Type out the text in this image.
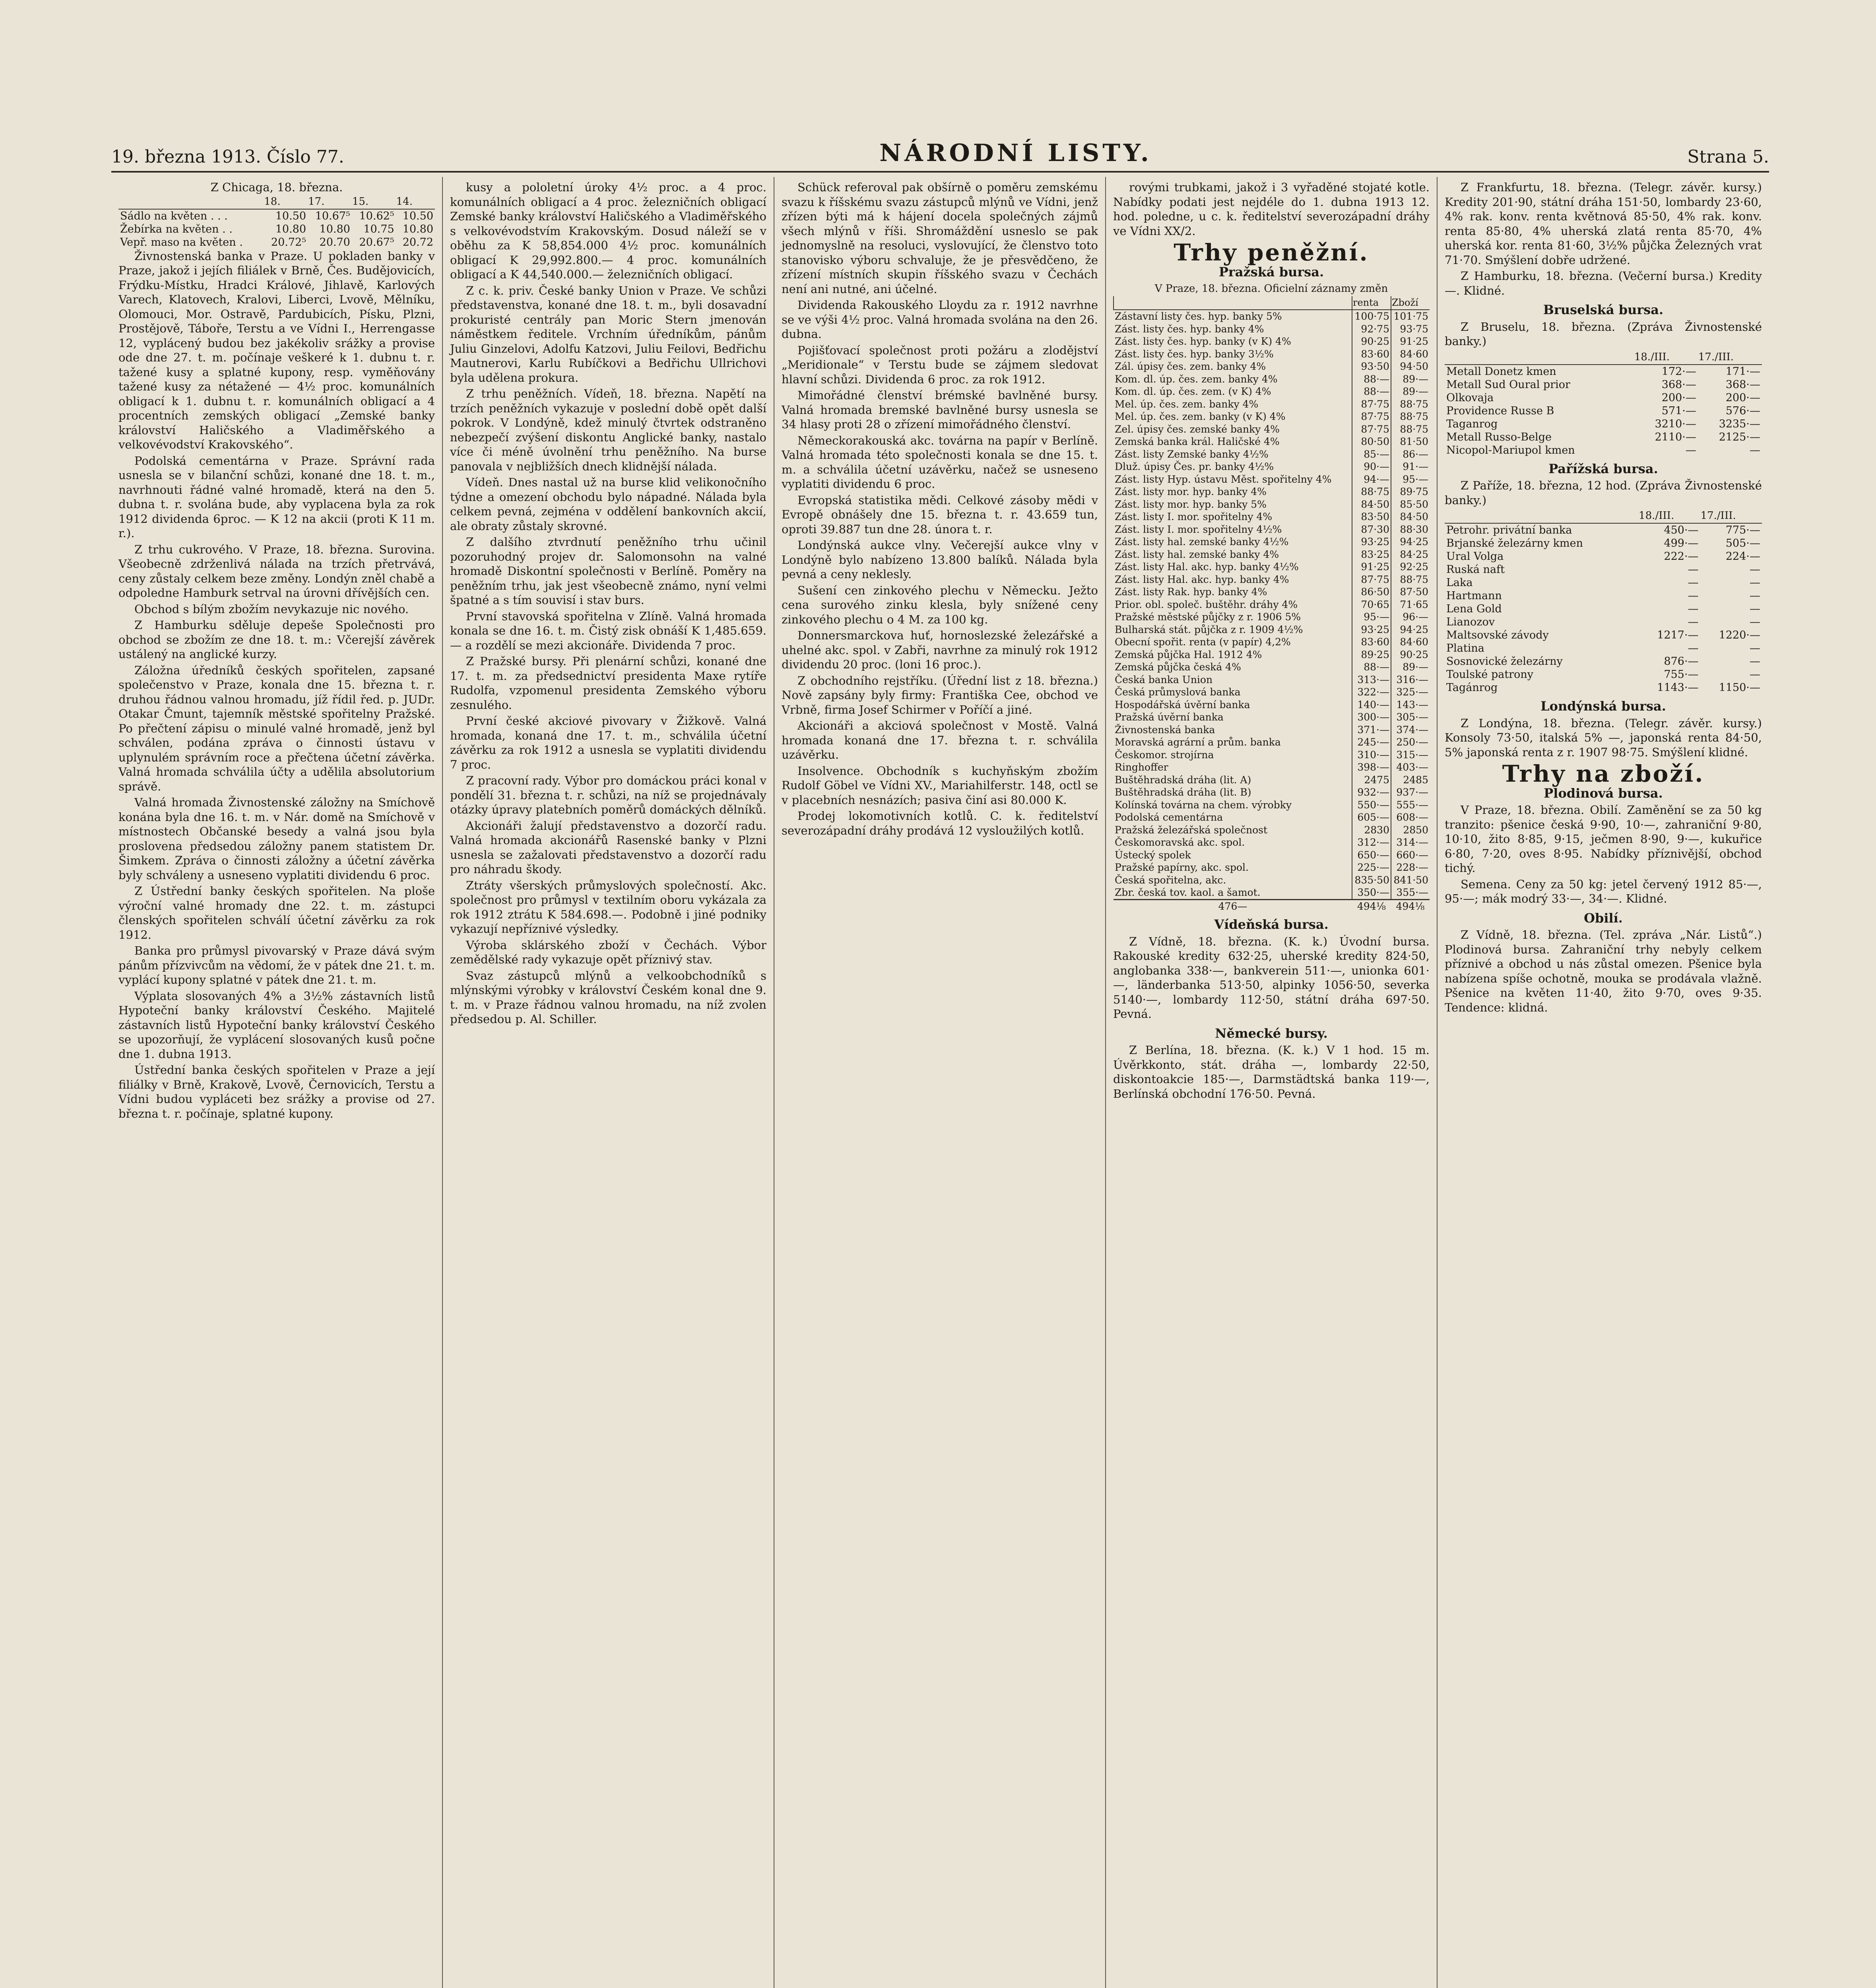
19. března 1913. Číslo 77.	NÁRODNÍ LISTY.	Strana 5.
Z Chicaga, 18. března.
	18.	17.	15.	14.
Sádlo na květen . . .	10.50	10.67⁵	10.62⁵	10.50
Žebírka na květen . .	10.80	10.80	10.75	10.80
Vepř. maso na květen .	20.72⁵	20.70	20.67⁵	20.72

Živnostenská banka v Praze. U pokladen banky v Praze, jakož i jejích filiálek v Brně, Čes. Budějovicích, Frýdku-Místku, Hradci Králové, Jihlavě, Karlových Varech, Klatovech, Kralovi, Liberci, Lvově, Mělníku, Olomouci, Mor. Ostravě, Pardubicích, Písku, Plzni, Prostějově, Táboře, Terstu a ve Vídni I., Herrengasse 12, vyplácený budou bez jakékoliv srážky a provise ode dne 27. t. m. počínaje veškeré k 1. dubnu t. r. tažené kusy a splatné kupony, resp. vyměňovány tažené kusy za nétažené — 4½ proc. komunálních obligací k 1. dubnu t. r. komunálních obligací a 4 procentních zemských obligací „Zemské banky království Haličského a Vladiměřského a velkovévodství Krakovského“.

Podolská cementárna v Praze. Správní rada usnesla se v bilanční schůzi, konané dne 18. t. m., navrhnouti řádné valné hromadě, která na den 5. dubna t. r. svolána bude, aby vyplacena byla za rok 1912 dividenda 6proc. — K 12 na akcii (proti K 11 m. r.).

Z trhu cukrového. V Praze, 18. března. Surovina. Všeobecně zdrženlivá nálada na trzích přetrvává, ceny zůstaly celkem beze změny. Londýn zněl chabě a odpoledne Hamburk setrval na úrovni dřívějších cen.

Obchod s bílým zbožím nevykazuje nic nového.

Z Hamburku sděluje depeše Společnosti pro obchod se zbožím ze dne 18. t. m.: Včerejší závěrek ustálený na anglické kurzy.

Záložna úředníků českých spořitelen, zapsané společenstvo v Praze, konala dne 15. března t. r. druhou řádnou valnou hromadu, jíž řídil řed. p. JUDr. Otakar Čmunt, tajemník městské spořitelny Pražské. Po přečtení zápisu o minulé valné hromadě, jenž byl schválen, podána zpráva o činnosti ústavu v uplynulém správním roce a přečtena účetní závěrka. Valná hromada schválila účty a udělila absolutorium správě.

Valná hromada Živnostenské záložny na Smíchově konána byla dne 16. t. m. v Nár. domě na Smíchově v místnostech Občanské besedy a valná jsou byla proslovena předsedou záložny panem statistem Dr. Šimkem. Zpráva o činnosti záložny a účetní závěrka byly schváleny a usneseno vyplatiti dividendu 6 proc.

Z Ústřední banky českých spořitelen. Na ploše výroční valné hromady dne 22. t. m. zástupci členských spořitelen schválí účetní závěrku za rok 1912.

Banka pro průmysl pivovarský v Praze dává svým pánům přízvivcům na vědomí, že v pátek dne 21. t. m. vyplácí kupony splatné v pátek dne 21. t. m.

Výplata slosovaných 4% a 3½% zástavních listů Hypoteční banky království Českého. Majitelé zástavních listů Hypoteční banky království Českého se upozorňují, že vyplácení slosovaných kusů počne dne 1. dubna 1913.

Ústřední banka českých spořitelen v Praze a její filiálky v Brně, Krakově, Lvově, Černovicích, Terstu a Vídni budou vypláceti bez srážky a provise od 27. března t. r. počínaje, splatné kupony.

kusy a pololetní úroky 4½ proc. a 4 proc. komunálních obligací a 4 proc. železničních obligací Zemské banky království Haličského a Vladiměřského s velkovévodstvím Krakovským. Dosud náleží se v oběhu za K 58,854.000 4½ proc. komunálních obligací K 29,992.800.— 4 proc. komunálních obligací a K 44,540.000.— železničních obligací.

Z c. k. priv. České banky Union v Praze. Ve schůzi představenstva, konané dne 18. t. m., byli dosavadní prokuristé centrály pan Moric Stern jmenován náměstkem ředitele. Vrchním úředníkům, pánům Juliu Ginzelovi, Adolfu Katzovi, Juliu Feilovi, Bedřichu Mautnerovi, Karlu Rubíčkovi a Bedřichu Ullrichovi byla udělena prokura.

Z trhu peněžních. Vídeň, 18. března. Napětí na trzích peněžních vykazuje v poslední době opět další pokrok. V Londýně, kdež minulý čtvrtek odstraněno nebezpečí zvýšení diskontu Anglické banky, nastalo více či méně úvolnění trhu peněžního. Na burse panovala v nejbližších dnech klidnější nálada.

Vídeň. Dnes nastal už na burse klid velikonočního týdne a omezení obchodu bylo nápadné. Nálada byla celkem pevná, zejména v oddělení bankovních akcií, ale obraty zůstaly skrovné.

Z dalšího ztvrdnutí peněžního trhu učinil pozoruhodný projev dr. Salomonsohn na valné hromadě Diskontní společnosti v Berlíně. Poměry na peněžním trhu, jak jest všeobecně známo, nyní velmi špatné a s tím souvisí i stav burs.

První stavovská spořitelna v Zlíně. Valná hromada konala se dne 16. t. m. Čistý zisk obnáší K 1,485.659.— a rozdělí se mezi akcionáře. Dividenda 7 proc.

Z Pražské bursy. Při plenární schůzi, konané dne 17. t. m. za předsednictví presidenta Maxe rytíře Rudolfa, vzpomenul presidenta Zemského výboru zesnulého.

První české akciové pivovary v Žižkově. Valná hromada, konaná dne 17. t. m., schválila účetní závěrku za rok 1912 a usnesla se vyplatiti dividendu 7 proc.

Z pracovní rady. Výbor pro domáckou práci konal v pondělí 31. března t. r. schůzi, na níž se projednávaly otázky úpravy platebních poměrů domáckých dělníků.

Akcionáři žalují představenstvo a dozorčí radu. Valná hromada akcionářů Rasenské banky v Plzni usnesla se zažalovati představenstvo a dozorčí radu pro náhradu škody.

Ztráty všerských průmyslových společností. Akc. společnost pro průmysl v textilním oboru vykázala za rok 1912 ztrátu K 584.698.—. Podobně i jiné podniky vykazují nepříznivé výsledky.

Výroba sklárského zboží v Čechách. Výbor zemědělské rady vykazuje opět příznivý stav.

Svaz zástupců mlýnů a velkoobchodníků s mlýnskými výrobky v království Českém konal dne 9. t. m. v Praze řádnou valnou hromadu, na níž zvolen předsedou p. Al. Schiller.

Schück referoval pak obšírně o poměru zemskému svazu k říšskému svazu zástupců mlýnů ve Vídni, jenž zřízen býti má k hájení docela společných zájmů všech mlýnů v říši. Shromáždění usneslo se pak jednomyslně na resoluci, vyslovující, že členstvo toto stanovisko výboru schvaluje, že je přesvědčeno, že zřízení místních skupin říšského svazu v Čechách není ani nutné, ani účelné.

Dividenda Rakouského Lloydu za r. 1912 navrhne se ve výši 4½ proc. Valná hromada svolána na den 26. dubna.

Pojišťovací společnost proti požáru a zlodějství „Meridionale“ v Terstu bude se zájmem sledovat hlavní schůzi. Dividenda 6 proc. za rok 1912.

Mimořádné členství brémské bavlněné bursy. Valná hromada bremské bavlněné bursy usnesla se 34 hlasy proti 28 o zřízení mimořádného členství.

Německorakouská akc. továrna na papír v Berlíně. Valná hromada této společnosti konala se dne 15. t. m. a schválila účetní uzávěrku, načež se usneseno vyplatiti dividendu 6 proc.

Evropská statistika mědi. Celkové zásoby mědi v Evropě obnášely dne 15. března t. r. 43.659 tun, oproti 39.887 tun dne 28. února t. r.

Londýnská aukce vlny. Večerejší aukce vlny v Londýně bylo nabízeno 13.800 balíků. Nálada byla pevná a ceny neklesly.

Sušení cen zinkového plechu v Německu. Ježto cena surového zinku klesla, byly snížené ceny zinkového plechu o 4 M. za 100 kg.

Donnersmarckova huť, hornoslezské železářské a uhelné akc. spol. v Zabři, navrhne za minulý rok 1912 dividendu 20 proc. (loni 16 proc.).

Z obchodního rejstříku. (Úřední list z 18. března.) Nově zapsány byly firmy: Františka Cee, obchod ve Vrbně, firma Josef Schirmer v Poříčí a jiné.

Akcionáři a akciová společnost v Mostě. Valná hromada konaná dne 17. března t. r. schválila uzávěrku.

Insolvence. Obchodník s kuchyňským zbožím Rudolf Göbel ve Vídni XV., Mariahilferstr. 148, octl se v placebních nesnázích; pasiva činí asi 80.000 K.

Prodej lokomotivních kotlů. C. k. ředitelství severozápadní dráhy prodává 12 vysloužilých kotlů.

rovými trubkami, jakož i 3 vyřaděné stojaté kotle. Nabídky podati jest nejdéle do 1. dubna 1913 12. hod. poledne, u c. k. ředitelství severozápadní dráhy ve Vídni XX/2.

Trhy peněžní.
Pražská bursa.
V Praze, 18. března. Oficielní záznamy změn
	renta	Zboží
Zástavní listy čes. hyp. banky 5%	100·75	101·75
Zást. listy čes. hyp. banky 4%	92·75	93·75
Zást. listy čes. hyp. banky (v K) 4%	90·25	91·25
Zást. listy čes. hyp. banky 3½%	83·60	84·60
Zál. úpisy čes. zem. banky 4%	93·50	94·50
Kom. dl. úp. čes. zem. banky 4%	88·—	89·—
Kom. dl. úp. čes. zem. (v K) 4%	88·—	89·—
Mel. úp. čes. zem. banky 4%	87·75	88·75
Mel. úp. čes. zem. banky (v K) 4%	87·75	88·75
Zel. úpisy čes. zemské banky 4%	87·75	88·75
Zemská banka král. Haličské 4%	80·50	81·50
Zást. listy Zemské banky 4½%	85·—	86·—
Dluž. úpisy Čes. pr. banky 4½%	90·—	91·—
Zást. listy Hyp. ústavu Měst. spořitelny 4%	94·—	95·—
Zást. listy mor. hyp. banky 4%	88·75	89·75
Zást. listy mor. hyp. banky 5%	84·50	85·50
Zást. listy I. mor. spořitelny 4%	83·50	84·50
Zást. listy I. mor. spořitelny 4½%	87·30	88·30
Zást. listy hal. zemské banky 4½%	93·25	94·25
Zást. listy hal. zemské banky 4%	83·25	84·25
Zást. listy Hal. akc. hyp. banky 4½%	91·25	92·25
Zást. listy Hal. akc. hyp. banky 4%	87·75	88·75
Zást. listy Rak. hyp. banky 4%	86·50	87·50
Prior. obl. společ. buštěhr. dráhy 4%	70·65	71·65
Pražské městské půjčky z r. 1906 5%	95·—	96·—
Bulharská stát. půjčka z r. 1909 4½%	93·25	94·25
Obecní spořit. renta (v papír) 4,2%	83·60	84·60
Zemská půjčka Hal. 1912 4%	89·25	90·25
Zemská půjčka česká 4%	88·—	89·—
Česká banka Union	313·—	316·—
Česká průmyslová banka	322·—	325·—
Hospodářská úvěrní banka	140·—	143·—
Pražská úvěrní banka	300·—	305·—
Živnostenská banka	371·—	374·—
Moravská agrární a prům. banka	245·—	250·—
Českomor. strojírna	310·—	315·—
Ringhoffer	398·—	403·—
Buštěhradská dráha (lit. A)	2475	2485
Buštěhradská dráha (lit. B)	932·—	937·—
Kolínská továrna na chem. výrobky	550·—	555·—
Podolská cementárna	605·—	608·—
Pražská železářská společnost	2830	2850
Českomoravská akc. spol.	312·—	314·—
Ústecký spolek	650·—	660·—
Pražské papírny, akc. spol.	225·—	228·—
Česká spořitelna, akc.	835·50	841·50
Zbr. česká tov. kaol. a šamot.	350·—	355·—
476—	494⅛	494⅛
Vídeňská bursa.

Z Vídně, 18. března. (K. k.) Úvodní bursa. Rakouské kredity 632·25, uherské kredity 824·50, anglobanka 338·—, bankverein 511·—, unionka 601·—, länderbanka 513·50, alpinky 1056·50, severka 5140·—, lombardy 112·50, státní dráha 697·50. Pevná.

Německé bursy.

Z Berlína, 18. března. (K. k.) V 1 hod. 15 m. Úvěrkkonto, stát. dráha —, lombardy 22·50, diskontoakcie 185·—, Darmstädtská banka 119·—, Berlínská obchodní 176·50. Pevná.

Z Frankfurtu, 18. března. (Telegr. závěr. kursy.) Kredity 201·90, státní dráha 151·50, lombardy 23·60, 4% rak. konv. renta květnová 85·50, 4% rak. konv. renta 85·80, 4% uherská zlatá renta 85·70, 4% uherská kor. renta 81·60, 3½% půjčka Železných vrat 71·70. Smýšlení dobře udržené.

Z Hamburku, 18. března. (Večerní bursa.) Kredity —. Klidné.

Bruselská bursa.

Z Bruselu, 18. března. (Zpráva Živnostenské banky.)

	18./III.	17./III.
Metall Donetz kmen	172·—	171·—
Metall Sud Oural prior	368·—	368·—
Olkovaja	200·—	200·—
Providence Russe B	571·—	576·—
Taganrog	3210·—	3235·—
Metall Russo-Belge	2110·—	2125·—
Nicopol-Mariupol kmen	—	—
Pařížská bursa.

Z Paříže, 18. března, 12 hod. (Zpráva Živnostenské banky.)

	18./III.	17./III.
Petrohr. privátní banka	450·—	775·—
Brjanské železárny kmen	499·—	505·—
Ural Volga	222·—	224·—
Ruská naft	—	—
Laka	—	—
Hartmann	—	—
Lena Gold	—	—
Lianozov	—	—
Maltsovské závody	1217·—	1220·—
Platina	—	—
Sosnovické železárny	876·—	—
Toulské patrony	755·—	—
Tagánrog	1143·—	1150·—
Londýnská bursa.

Z Londýna, 18. března. (Telegr. závěr. kursy.) Konsoly 73·50, italská 5% —, japonská renta 84·50, 5% japonská renta z r. 1907 98·75. Smýšlení klidné.

Trhy na zboží.
Plodinová bursa.

V Praze, 18. března. Obilí. Zaměnění se za 50 kg tranzito: pšenice česká 9·90, 10·—, zahraniční 9·80, 10·10, žito 8·85, 9·15, ječmen 8·90, 9·—, kukuřice 6·80, 7·20, oves 8·95. Nabídky příznivější, obchod tichý.

Semena. Ceny za 50 kg: jetel červený 1912 85·—, 95·—; mák modrý 33·—, 34·—. Klidné.

Obilí.

Z Vídně, 18. března. (Tel. zpráva „Nár. Listů“.) Plodinová bursa. Zahraniční trhy nebyly celkem příznivé a obchod u nás zůstal omezen. Pšenice byla nabízena spíše ochotně, mouka se prodávala vlažně. Pšenice na květen 11·40, žito 9·70, oves 9·35. Tendence: klidná.
